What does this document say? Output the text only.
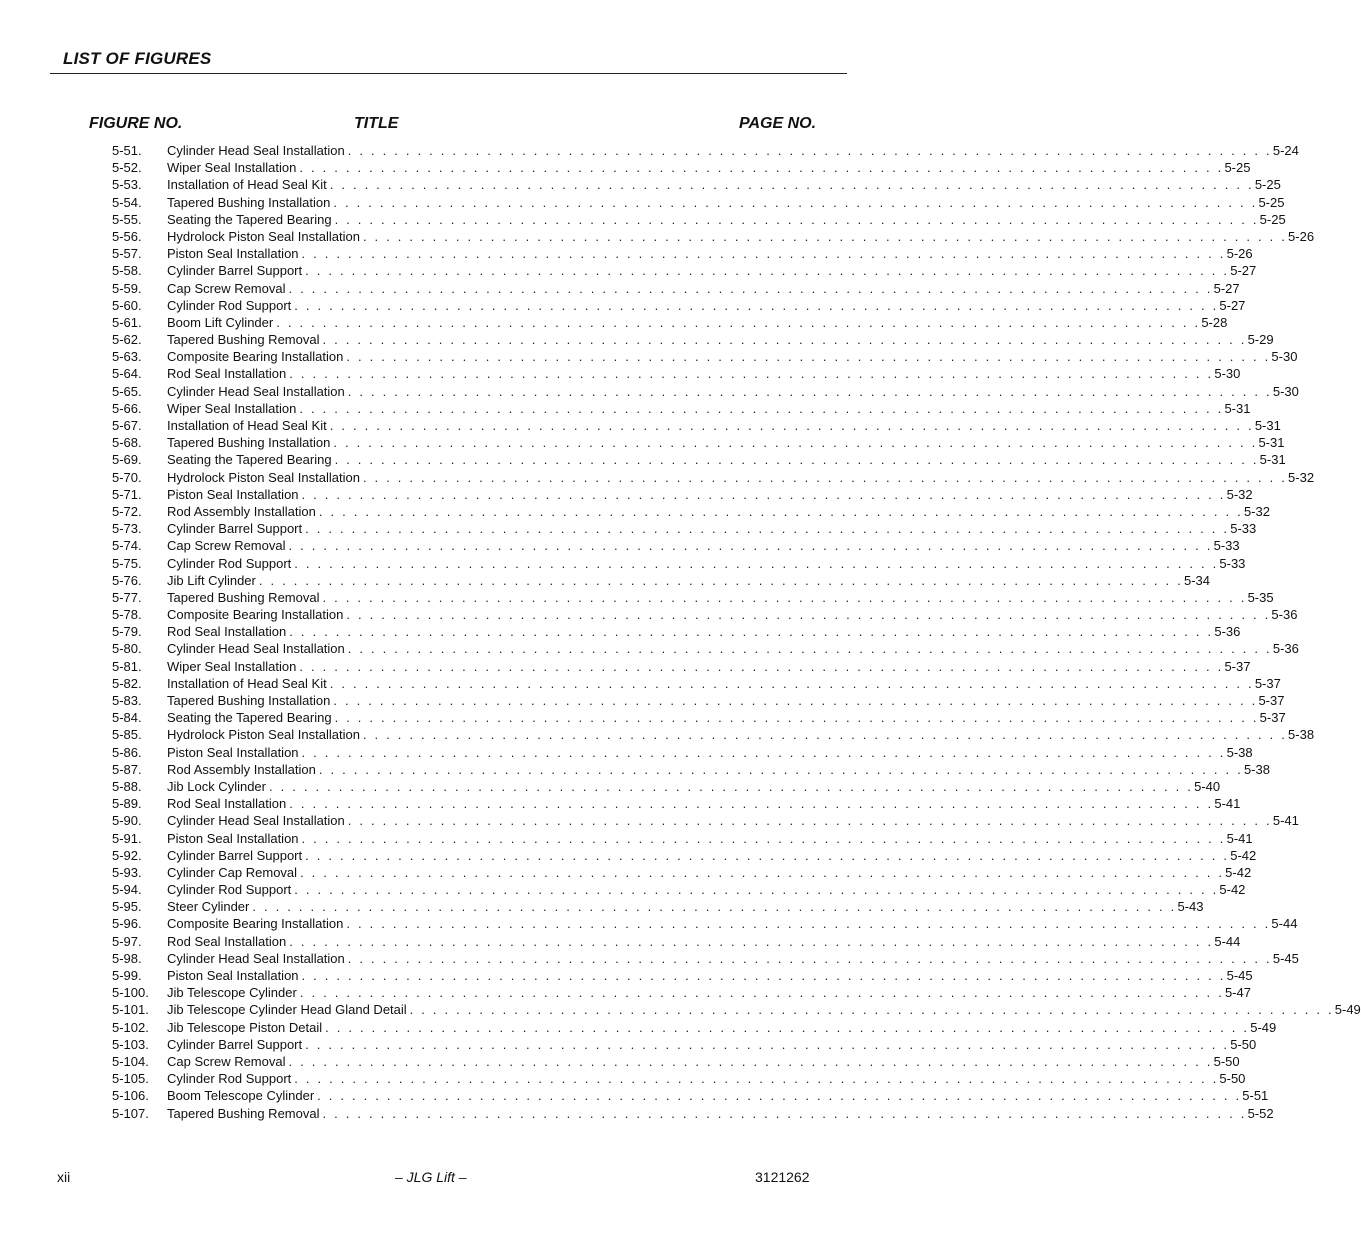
LIST OF FIGURES
FIGURE NO.	TITLE	PAGE NO.
5-51.	Cylinder Head Seal Installation . . . . . . . . . . . . . . . . . . . . . . . . . . . . . . . . . . . . . . . . . . . . . . . . . . . . . . . . . . . . . . . . . . . . . . . . . . . . . . . . 5-24
5-52.	Wiper Seal Installation . . . . . . . . . . . . . . . . . . . . . . . . . . . . . . . . . . . . . . . . . . . . . . . . . . . . . . . . . . . . . . . . . . . . . . . . . . . . . . . . 5-25
5-53.	Installation of Head Seal Kit . . . . . . . . . . . . . . . . . . . . . . . . . . . . . . . . . . . . . . . . . . . . . . . . . . . . . . . . . . . . . . . . . . . . . . . . . . . . . . . . 5-25
5-54.	Tapered Bushing Installation . . . . . . . . . . . . . . . . . . . . . . . . . . . . . . . . . . . . . . . . . . . . . . . . . . . . . . . . . . . . . . . . . . . . . . . . . . . . . . . . 5-25
5-55.	Seating the Tapered Bearing . . . . . . . . . . . . . . . . . . . . . . . . . . . . . . . . . . . . . . . . . . . . . . . . . . . . . . . . . . . . . . . . . . . . . . . . . . . . . . . . 5-25
5-56.	Hydrolock Piston Seal Installation . . . . . . . . . . . . . . . . . . . . . . . . . . . . . . . . . . . . . . . . . . . . . . . . . . . . . . . . . . . . . . . . . . . . . . . . . . . . . . . . 5-26
5-57.	Piston Seal Installation . . . . . . . . . . . . . . . . . . . . . . . . . . . . . . . . . . . . . . . . . . . . . . . . . . . . . . . . . . . . . . . . . . . . . . . . . . . . . . . . 5-26
5-58.	Cylinder Barrel Support . . . . . . . . . . . . . . . . . . . . . . . . . . . . . . . . . . . . . . . . . . . . . . . . . . . . . . . . . . . . . . . . . . . . . . . . . . . . . . . . 5-27
5-59.	Cap Screw Removal . . . . . . . . . . . . . . . . . . . . . . . . . . . . . . . . . . . . . . . . . . . . . . . . . . . . . . . . . . . . . . . . . . . . . . . . . . . . . . . . 5-27
5-60.	Cylinder Rod Support . . . . . . . . . . . . . . . . . . . . . . . . . . . . . . . . . . . . . . . . . . . . . . . . . . . . . . . . . . . . . . . . . . . . . . . . . . . . . . . . 5-27
5-61.	Boom Lift Cylinder . . . . . . . . . . . . . . . . . . . . . . . . . . . . . . . . . . . . . . . . . . . . . . . . . . . . . . . . . . . . . . . . . . . . . . . . . . . . . . . . 5-28
5-62.	Tapered Bushing Removal . . . . . . . . . . . . . . . . . . . . . . . . . . . . . . . . . . . . . . . . . . . . . . . . . . . . . . . . . . . . . . . . . . . . . . . . . . . . . . . . 5-29
5-63.	Composite Bearing Installation . . . . . . . . . . . . . . . . . . . . . . . . . . . . . . . . . . . . . . . . . . . . . . . . . . . . . . . . . . . . . . . . . . . . . . . . . . . . . . . . 5-30
5-64.	Rod Seal Installation . . . . . . . . . . . . . . . . . . . . . . . . . . . . . . . . . . . . . . . . . . . . . . . . . . . . . . . . . . . . . . . . . . . . . . . . . . . . . . . . 5-30
5-65.	Cylinder Head Seal Installation . . . . . . . . . . . . . . . . . . . . . . . . . . . . . . . . . . . . . . . . . . . . . . . . . . . . . . . . . . . . . . . . . . . . . . . . . . . . . . . . 5-30
5-66.	Wiper Seal Installation . . . . . . . . . . . . . . . . . . . . . . . . . . . . . . . . . . . . . . . . . . . . . . . . . . . . . . . . . . . . . . . . . . . . . . . . . . . . . . . . 5-31
5-67.	Installation of Head Seal Kit . . . . . . . . . . . . . . . . . . . . . . . . . . . . . . . . . . . . . . . . . . . . . . . . . . . . . . . . . . . . . . . . . . . . . . . . . . . . . . . . 5-31
5-68.	Tapered Bushing Installation . . . . . . . . . . . . . . . . . . . . . . . . . . . . . . . . . . . . . . . . . . . . . . . . . . . . . . . . . . . . . . . . . . . . . . . . . . . . . . . . 5-31
5-69.	Seating the Tapered Bearing . . . . . . . . . . . . . . . . . . . . . . . . . . . . . . . . . . . . . . . . . . . . . . . . . . . . . . . . . . . . . . . . . . . . . . . . . . . . . . . . 5-31
5-70.	Hydrolock Piston Seal Installation . . . . . . . . . . . . . . . . . . . . . . . . . . . . . . . . . . . . . . . . . . . . . . . . . . . . . . . . . . . . . . . . . . . . . . . . . . . . . . . . 5-32
5-71.	Piston Seal Installation . . . . . . . . . . . . . . . . . . . . . . . . . . . . . . . . . . . . . . . . . . . . . . . . . . . . . . . . . . . . . . . . . . . . . . . . . . . . . . . . 5-32
5-72.	Rod Assembly Installation . . . . . . . . . . . . . . . . . . . . . . . . . . . . . . . . . . . . . . . . . . . . . . . . . . . . . . . . . . . . . . . . . . . . . . . . . . . . . . . . 5-32
5-73.	Cylinder Barrel Support . . . . . . . . . . . . . . . . . . . . . . . . . . . . . . . . . . . . . . . . . . . . . . . . . . . . . . . . . . . . . . . . . . . . . . . . . . . . . . . . 5-33
5-74.	Cap Screw Removal . . . . . . . . . . . . . . . . . . . . . . . . . . . . . . . . . . . . . . . . . . . . . . . . . . . . . . . . . . . . . . . . . . . . . . . . . . . . . . . . 5-33
5-75.	Cylinder Rod Support . . . . . . . . . . . . . . . . . . . . . . . . . . . . . . . . . . . . . . . . . . . . . . . . . . . . . . . . . . . . . . . . . . . . . . . . . . . . . . . . 5-33
5-76.	Jib Lift Cylinder . . . . . . . . . . . . . . . . . . . . . . . . . . . . . . . . . . . . . . . . . . . . . . . . . . . . . . . . . . . . . . . . . . . . . . . . . . . . . . . . 5-34
5-77.	Tapered Bushing Removal . . . . . . . . . . . . . . . . . . . . . . . . . . . . . . . . . . . . . . . . . . . . . . . . . . . . . . . . . . . . . . . . . . . . . . . . . . . . . . . . 5-35
5-78.	Composite Bearing Installation . . . . . . . . . . . . . . . . . . . . . . . . . . . . . . . . . . . . . . . . . . . . . . . . . . . . . . . . . . . . . . . . . . . . . . . . . . . . . . . . 5-36
5-79.	Rod Seal Installation . . . . . . . . . . . . . . . . . . . . . . . . . . . . . . . . . . . . . . . . . . . . . . . . . . . . . . . . . . . . . . . . . . . . . . . . . . . . . . . . 5-36
5-80.	Cylinder Head Seal Installation . . . . . . . . . . . . . . . . . . . . . . . . . . . . . . . . . . . . . . . . . . . . . . . . . . . . . . . . . . . . . . . . . . . . . . . . . . . . . . . . 5-36
5-81.	Wiper Seal Installation . . . . . . . . . . . . . . . . . . . . . . . . . . . . . . . . . . . . . . . . . . . . . . . . . . . . . . . . . . . . . . . . . . . . . . . . . . . . . . . . 5-37
5-82.	Installation of Head Seal Kit . . . . . . . . . . . . . . . . . . . . . . . . . . . . . . . . . . . . . . . . . . . . . . . . . . . . . . . . . . . . . . . . . . . . . . . . . . . . . . . . 5-37
5-83.	Tapered Bushing Installation . . . . . . . . . . . . . . . . . . . . . . . . . . . . . . . . . . . . . . . . . . . . . . . . . . . . . . . . . . . . . . . . . . . . . . . . . . . . . . . . 5-37
5-84.	Seating the Tapered Bearing . . . . . . . . . . . . . . . . . . . . . . . . . . . . . . . . . . . . . . . . . . . . . . . . . . . . . . . . . . . . . . . . . . . . . . . . . . . . . . . . 5-37
5-85.	Hydrolock Piston Seal Installation . . . . . . . . . . . . . . . . . . . . . . . . . . . . . . . . . . . . . . . . . . . . . . . . . . . . . . . . . . . . . . . . . . . . . . . . . . . . . . . . 5-38
5-86.	Piston Seal Installation . . . . . . . . . . . . . . . . . . . . . . . . . . . . . . . . . . . . . . . . . . . . . . . . . . . . . . . . . . . . . . . . . . . . . . . . . . . . . . . . 5-38
5-87.	Rod Assembly Installation . . . . . . . . . . . . . . . . . . . . . . . . . . . . . . . . . . . . . . . . . . . . . . . . . . . . . . . . . . . . . . . . . . . . . . . . . . . . . . . . 5-38
5-88.	Jib Lock Cylinder . . . . . . . . . . . . . . . . . . . . . . . . . . . . . . . . . . . . . . . . . . . . . . . . . . . . . . . . . . . . . . . . . . . . . . . . . . . . . . . . 5-40
5-89.	Rod Seal Installation . . . . . . . . . . . . . . . . . . . . . . . . . . . . . . . . . . . . . . . . . . . . . . . . . . . . . . . . . . . . . . . . . . . . . . . . . . . . . . . . 5-41
5-90.	Cylinder Head Seal Installation . . . . . . . . . . . . . . . . . . . . . . . . . . . . . . . . . . . . . . . . . . . . . . . . . . . . . . . . . . . . . . . . . . . . . . . . . . . . . . . . 5-41
5-91.	Piston Seal Installation . . . . . . . . . . . . . . . . . . . . . . . . . . . . . . . . . . . . . . . . . . . . . . . . . . . . . . . . . . . . . . . . . . . . . . . . . . . . . . . . 5-41
5-92.	Cylinder Barrel Support . . . . . . . . . . . . . . . . . . . . . . . . . . . . . . . . . . . . . . . . . . . . . . . . . . . . . . . . . . . . . . . . . . . . . . . . . . . . . . . . 5-42
5-93.	Cylinder Cap Removal . . . . . . . . . . . . . . . . . . . . . . . . . . . . . . . . . . . . . . . . . . . . . . . . . . . . . . . . . . . . . . . . . . . . . . . . . . . . . . . . 5-42
5-94.	Cylinder Rod Support . . . . . . . . . . . . . . . . . . . . . . . . . . . . . . . . . . . . . . . . . . . . . . . . . . . . . . . . . . . . . . . . . . . . . . . . . . . . . . . . 5-42
5-95.	Steer Cylinder . . . . . . . . . . . . . . . . . . . . . . . . . . . . . . . . . . . . . . . . . . . . . . . . . . . . . . . . . . . . . . . . . . . . . . . . . . . . . . . . 5-43
5-96.	Composite Bearing Installation . . . . . . . . . . . . . . . . . . . . . . . . . . . . . . . . . . . . . . . . . . . . . . . . . . . . . . . . . . . . . . . . . . . . . . . . . . . . . . . . 5-44
5-97.	Rod Seal Installation . . . . . . . . . . . . . . . . . . . . . . . . . . . . . . . . . . . . . . . . . . . . . . . . . . . . . . . . . . . . . . . . . . . . . . . . . . . . . . . . 5-44
5-98.	Cylinder Head Seal Installation . . . . . . . . . . . . . . . . . . . . . . . . . . . . . . . . . . . . . . . . . . . . . . . . . . . . . . . . . . . . . . . . . . . . . . . . . . . . . . . . 5-45
5-99.	Piston Seal Installation . . . . . . . . . . . . . . . . . . . . . . . . . . . . . . . . . . . . . . . . . . . . . . . . . . . . . . . . . . . . . . . . . . . . . . . . . . . . . . . . 5-45
5-100.	Jib Telescope Cylinder . . . . . . . . . . . . . . . . . . . . . . . . . . . . . . . . . . . . . . . . . . . . . . . . . . . . . . . . . . . . . . . . . . . . . . . . . . . . . . . . 5-47
5-101.	Jib Telescope Cylinder Head Gland Detail . . . . . . . . . . . . . . . . . . . . . . . . . . . . . . . . . . . . . . . . . . . . . . . . . . . . . . . . . . . . . . . . . . . . . . . . . . . . . . . . 5-49
5-102.	Jib Telescope Piston Detail . . . . . . . . . . . . . . . . . . . . . . . . . . . . . . . . . . . . . . . . . . . . . . . . . . . . . . . . . . . . . . . . . . . . . . . . . . . . . . . . 5-49
5-103.	Cylinder Barrel Support . . . . . . . . . . . . . . . . . . . . . . . . . . . . . . . . . . . . . . . . . . . . . . . . . . . . . . . . . . . . . . . . . . . . . . . . . . . . . . . . 5-50
5-104.	Cap Screw Removal . . . . . . . . . . . . . . . . . . . . . . . . . . . . . . . . . . . . . . . . . . . . . . . . . . . . . . . . . . . . . . . . . . . . . . . . . . . . . . . . 5-50
5-105.	Cylinder Rod Support . . . . . . . . . . . . . . . . . . . . . . . . . . . . . . . . . . . . . . . . . . . . . . . . . . . . . . . . . . . . . . . . . . . . . . . . . . . . . . . . 5-50
5-106.	Boom Telescope Cylinder . . . . . . . . . . . . . . . . . . . . . . . . . . . . . . . . . . . . . . . . . . . . . . . . . . . . . . . . . . . . . . . . . . . . . . . . . . . . . . . . 5-51
5-107.	Tapered Bushing Removal . . . . . . . . . . . . . . . . . . . . . . . . . . . . . . . . . . . . . . . . . . . . . . . . . . . . . . . . . . . . . . . . . . . . . . . . . . . . . . . . 5-52
xii	– JLG Lift –	3121262
